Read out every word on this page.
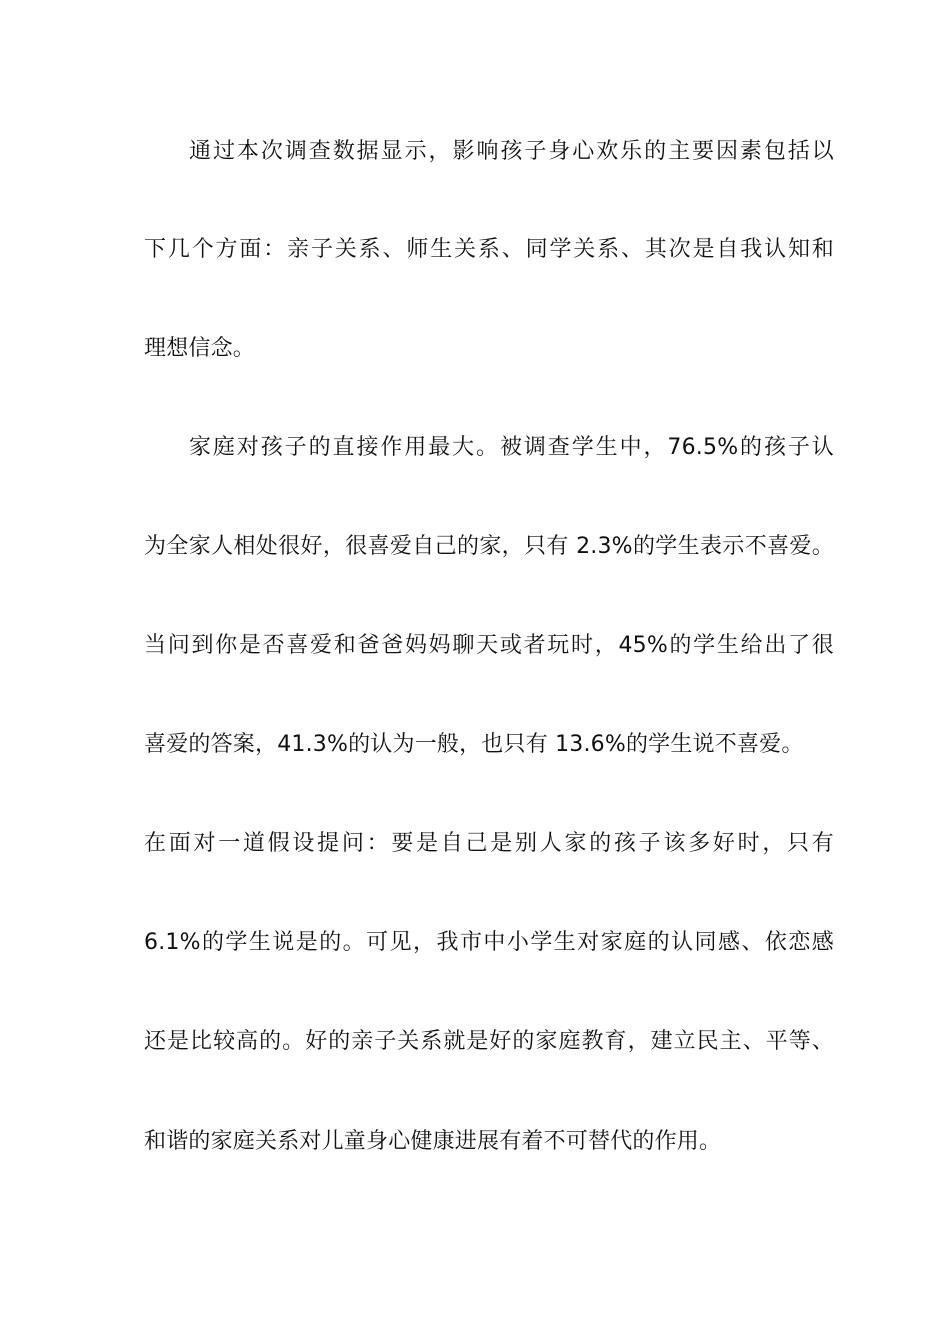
通过本次调查数据显示，影响孩子身心欢乐的主要因素包括以
下几个方面：亲子关系、师生关系、同学关系、其次是自我认知和
理想信念。
家庭对孩子的直接作用最大。被调查学生中，76.5%的孩子认
为全家人相处很好，很喜爱自己的家，只有 2.3%的学生表示不喜爱。
当问到你是否喜爱和爸爸妈妈聊天或者玩时，45%的学生给出了很
喜爱的答案，41.3%的认为一般，也只有 13.6%的学生说不喜爱。
在面对一道假设提问：要是自己是别人家的孩子该多好时，只有
6.1%的学生说是的。可见，我市中小学生对家庭的认同感、依恋感
还是比较高的。好的亲子关系就是好的家庭教育，建立民主、平等、
和谐的家庭关系对儿童身心健康进展有着不可替代的作用。
